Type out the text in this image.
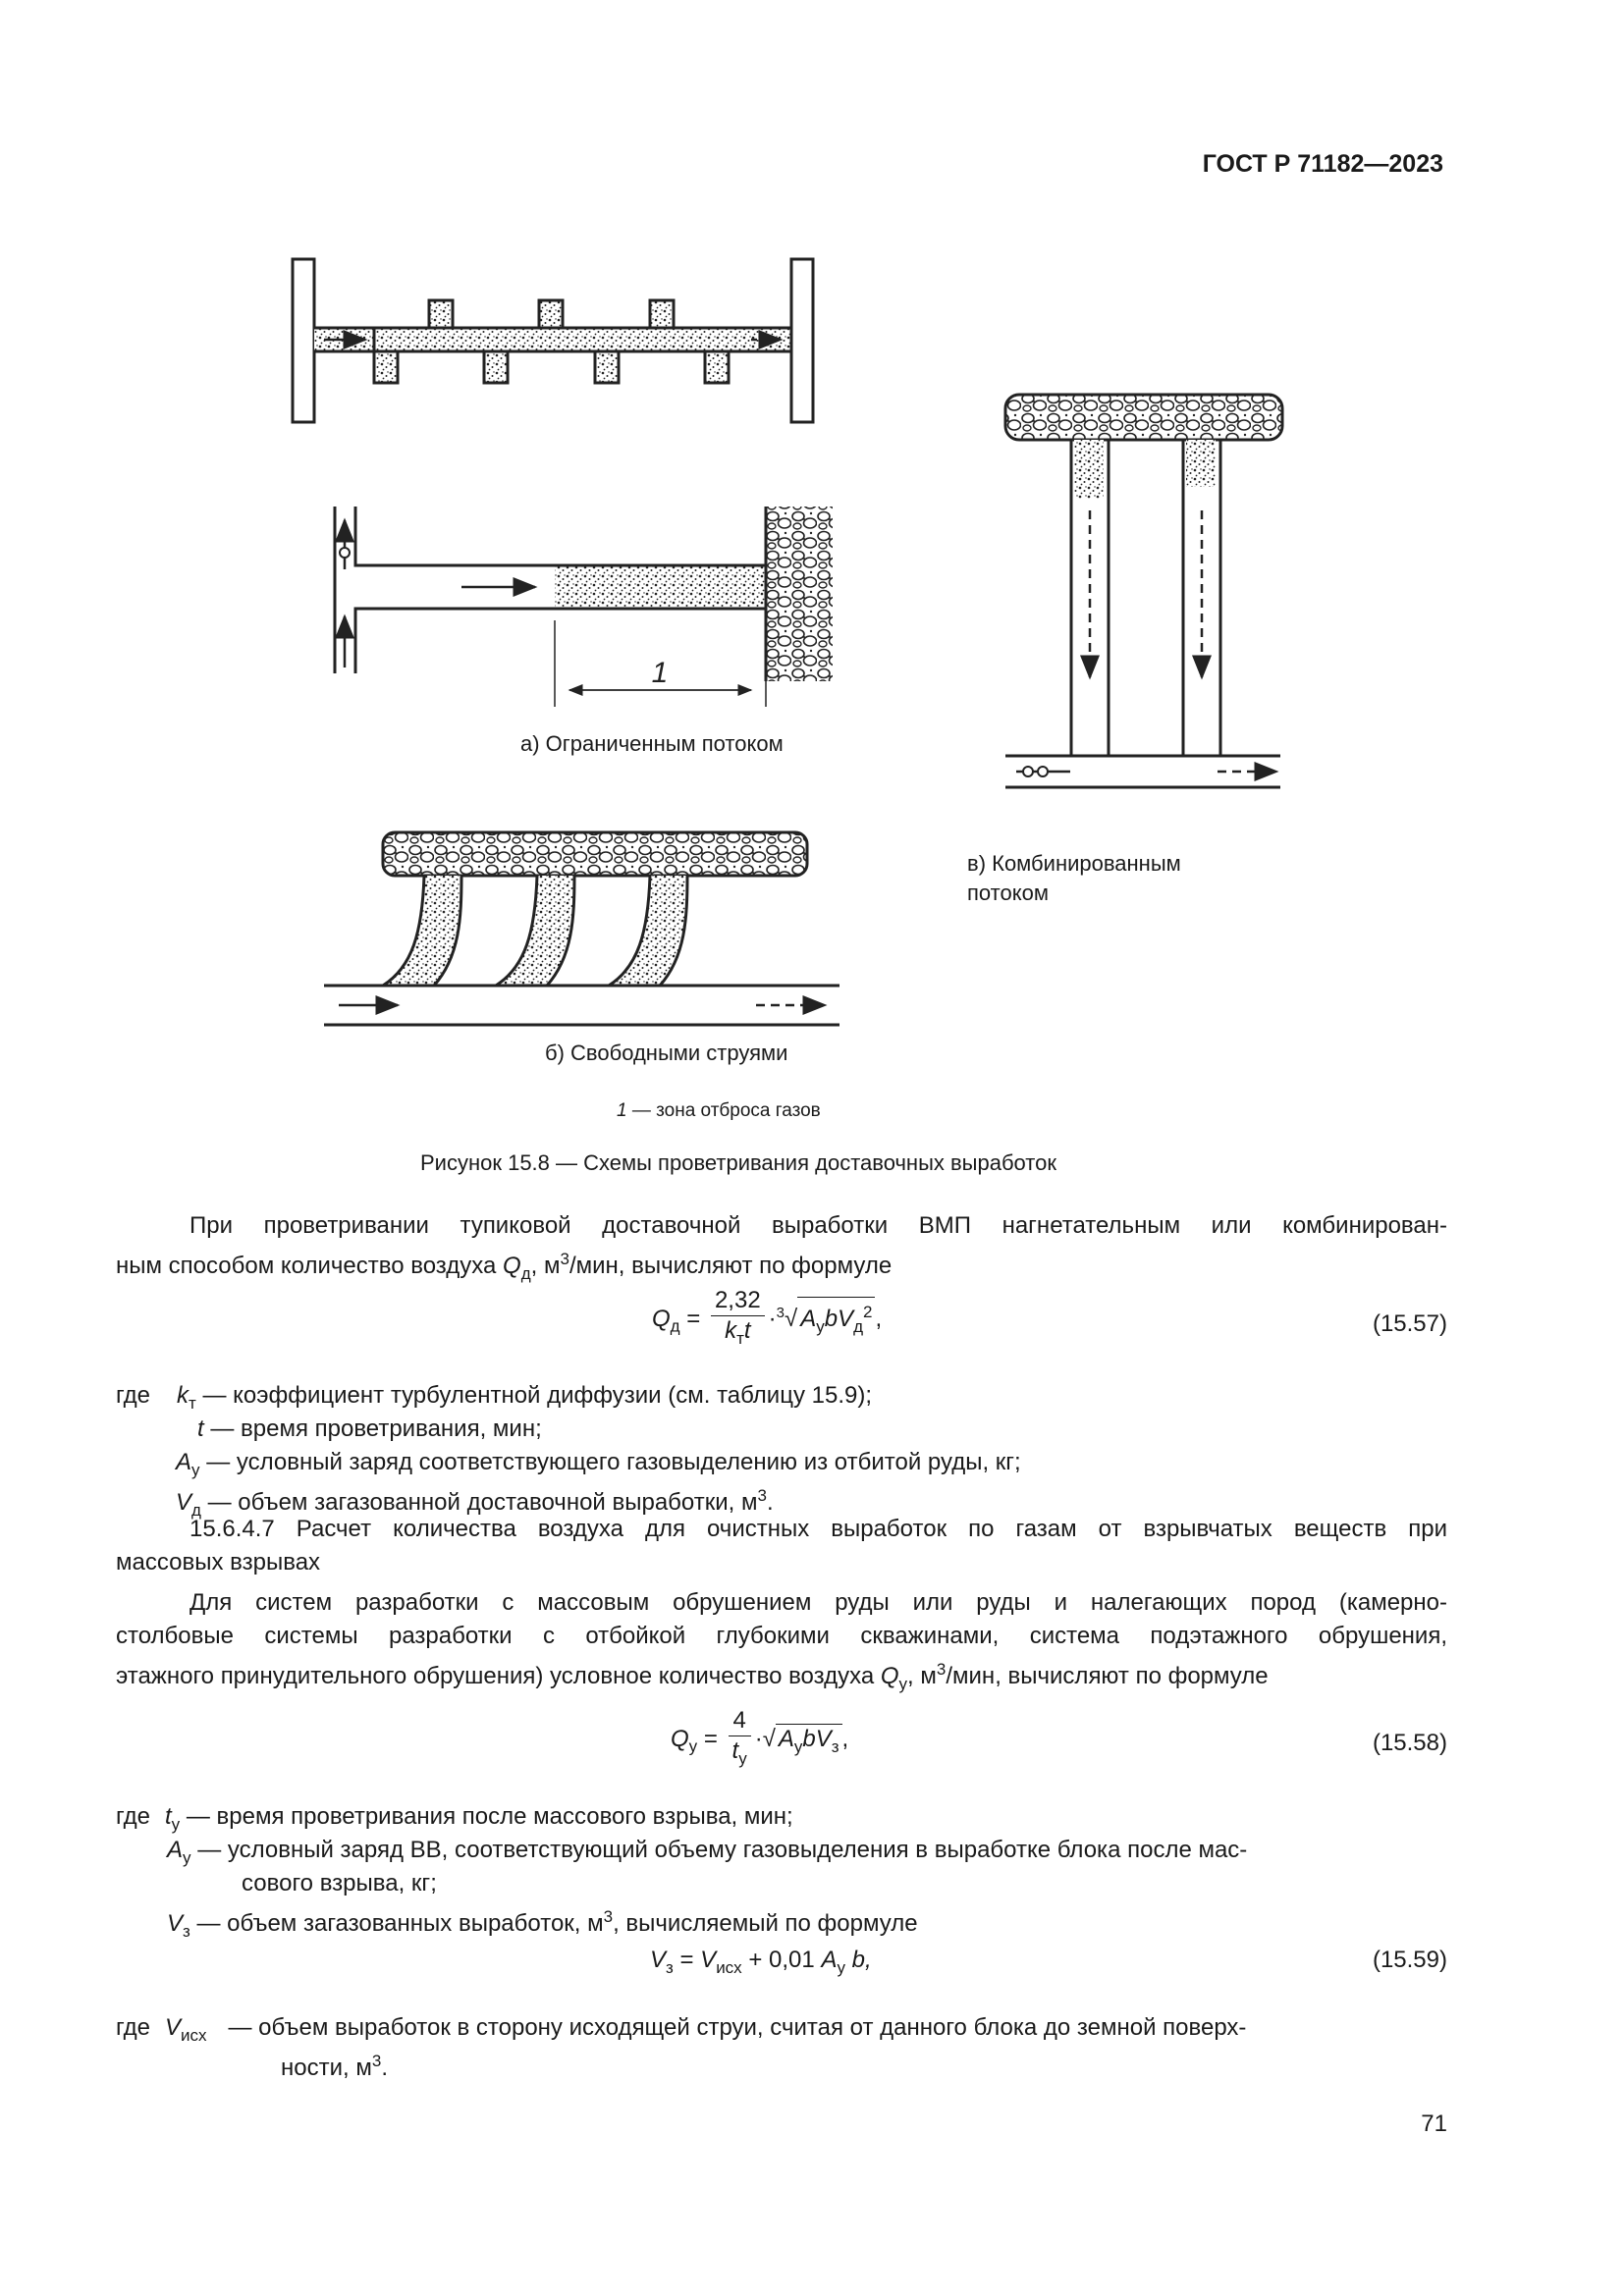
ГОСТ Р 71182—2023
1
а) Ограниченным потоком
в) Комбинированным
потоком
б) Свободными струями
1 — зона отброса газов
Рисунок 15.8 — Схемы проветривания доставочных выработок
При проветривании тупиковой доставочной выработки ВМП нагнетательным или комбинирован-
ным способом количество воздуха $Q_д$, $м^3$/мин, вычисляют по формуле
$Q_д = \frac{2,32}{k_тt} \cdot^3√$ $A_уbV_д^2$ ,	(15.57)
где $k_т$ — коэффициент турбулентной диффузии (см. таблицу 15.9);
t — время проветривания, мин;
$A_у$ — условный заряд соответствующего газовыделению из отбитой руды, кг;
$V_д$ — объем загазованной доставочной выработки, $м^3$.
15.6.4.7 Расчет количества воздуха для очистных выработок по газам от взрывчатых веществ при
массовых взрывах
Для систем разработки с массовым обрушением руды или руды и налегающих пород (камерно-
столбовые системы разработки с отбойкой глубокими скважинами, система подэтажного обрушения,
этажного принудительного обрушения) условное количество воздуха $Q_у$, $м^3$/мин, вычисляют по формуле
$Q_у = \frac{4}{t_у}$ ·√ $A_уbV_з$ ,	(15.58)
где $t_у$ — время проветривания после массового взрыва, мин;
$A_у$ — условный заряд ВВ, соответствующий объему газовыделения в выработке блока после мас-
сового взрыва, кг;
$V_з$ — объем загазованных выработок, $м^3$, вычисляемый по формуле
$V_з = V_{исх} + 0,01$ $A_у$ b,	(15.59)
где $V_{исх}$ — объем выработок в сторону исходящей струи, считая от данного блока до земной поверх-
ности, $м^3$.
71
